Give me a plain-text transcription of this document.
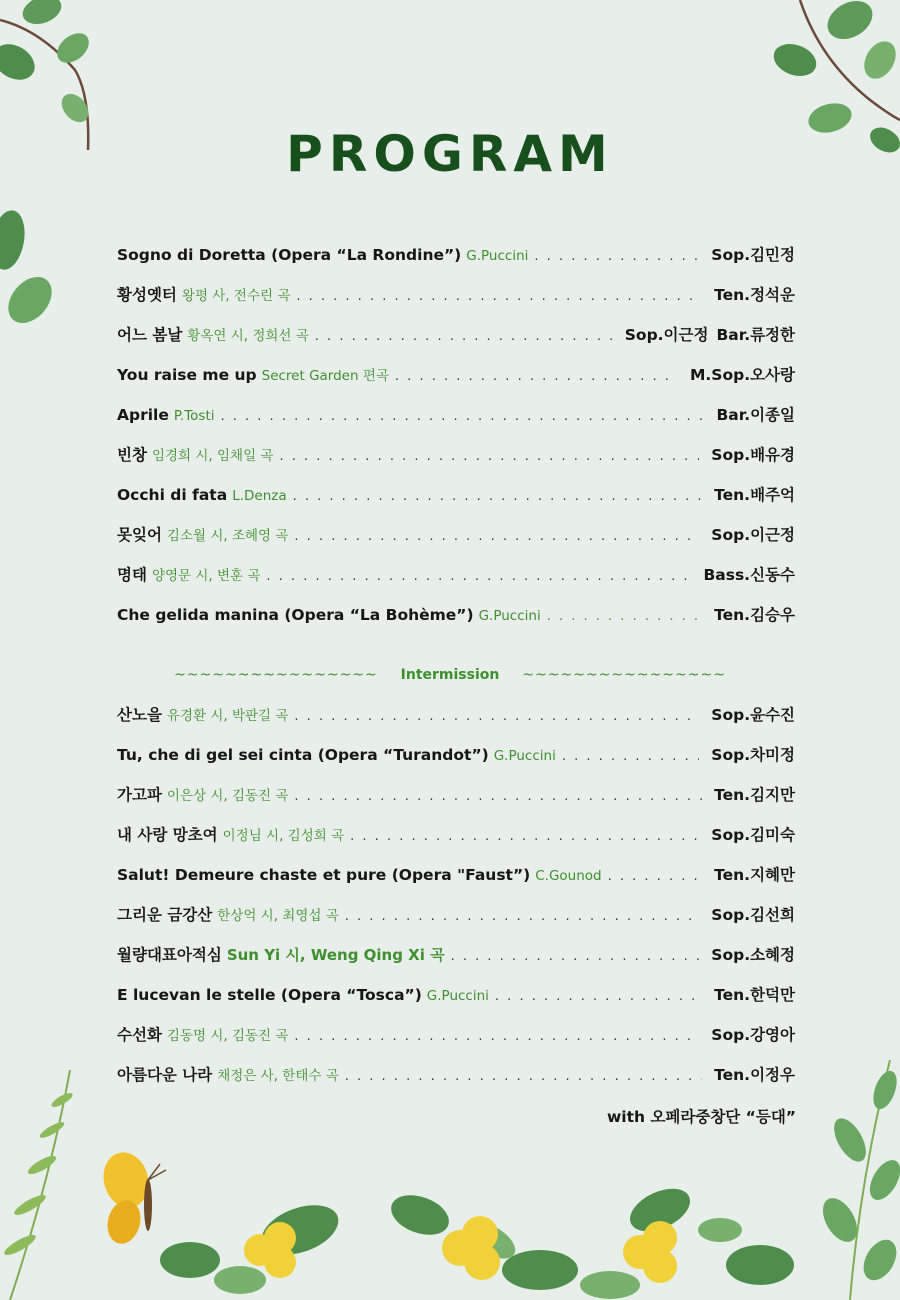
PROGRAM
Sogno di Doretta (Opera “La Rondine”) G.Puccini . . .	Sop.김민정
황성옛터 왕평 사, 전수린 곡 . . .	Ten.정석운
어느 봄날 황옥연 시, 정희선 곡 . . .	Sop.이근정 Bar.류정한
You raise me up Secret Garden 편곡 . . .	M.Sop.오사랑
Aprile P.Tosti . . .	Bar.이종일
빈창 임경희 시, 임채일 곡 . . .	Sop.배유경
Occhi di fata L.Denza . . .	Ten.배주억
못잊어 김소월 시, 조혜영 곡 . . .	Sop.이근정
명태 양영문 시, 변훈 곡 . . .	Bass.신동수
Che gelida manina (Opera “La Bohème”) G.Puccini . . .	Ten.김승우
~~~~~~~~~~~~~~~~ Intermission ~~~~~~~~~~~~~~~~
산노을 유경환 시, 박판길 곡 . . .	Sop.윤수진
Tu, che di gel sei cinta (Opera “Turandot”) G.Puccini . . .	Sop.차미정
가고파 이은상 시, 김동진 곡 . . .	Ten.김지만
내 사랑 망초여 이정님 시, 김성희 곡 . . .	Sop.김미숙
Salut! Demeure chaste et pure (Opera "Faust”) C.Gounod . . .	Ten.지혜만
그리운 금강산 한상억 시, 최영섭 곡 . . .	Sop.김선희
월량대표아적심 Sun Yi 시, Weng Qing Xi 곡 . . .	Sop.소혜정
E lucevan le stelle (Opera “Tosca”) G.Puccini . . .	Ten.한덕만
수선화 김동명 시, 김동진 곡 . . .	Sop.강영아
아름다운 나라 채정은 사, 한태수 곡 . . .	Ten.이정우
with 오페라중창단 “등대”
